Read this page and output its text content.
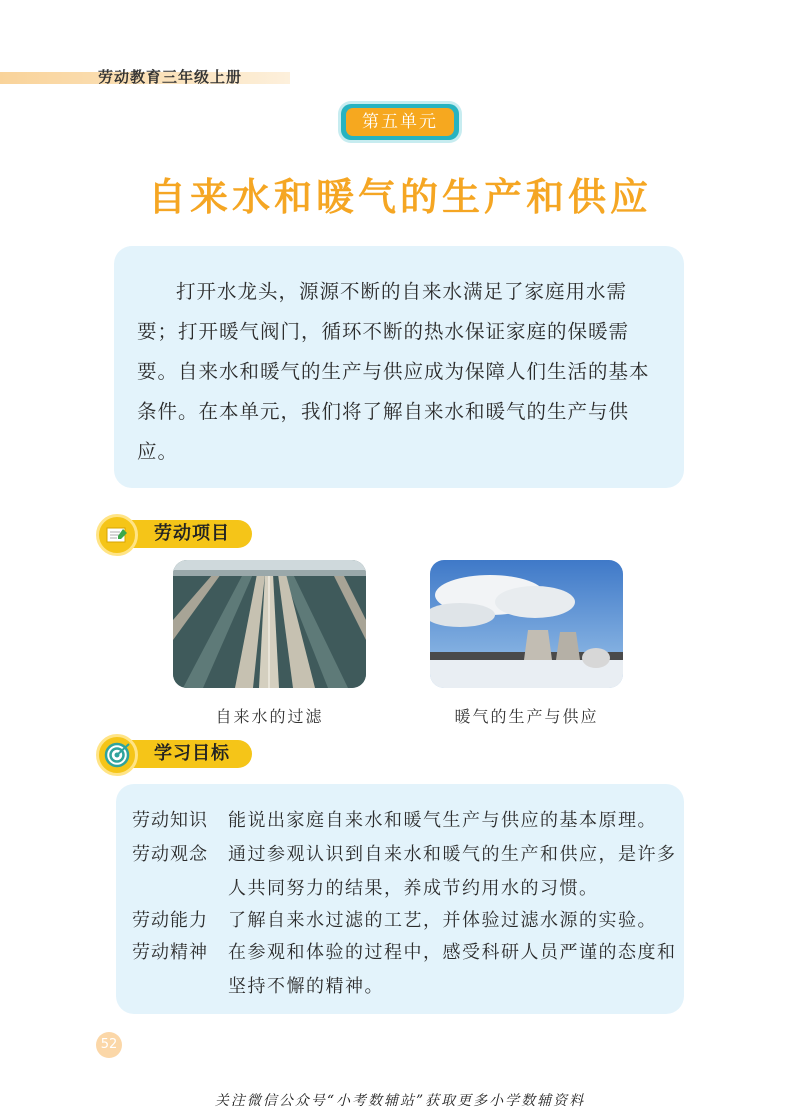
劳动教育三年级上册
第五单元
自来水和暖气的生产和供应
打开水龙头，源源不断的自来水满足了家庭用水需要；打开暖气阀门，循环不断的热水保证家庭的保暖需要。自来水和暖气的生产与供应成为保障人们生活的基本条件。在本单元，我们将了解自来水和暖气的生产与供应。
劳动项目
自来水的过滤	暖气的生产与供应
学习目标
劳动知识	能说出家庭自来水和暖气生产与供应的基本原理。
劳动观念	通过参观认识到自来水和暖气的生产和供应，是许多人共同努力的结果，养成节约用水的习惯。
劳动能力	了解自来水过滤的工艺，并体验过滤水源的实验。
劳动精神	在参观和体验的过程中，感受科研人员严谨的态度和坚持不懈的精神。
52
关注微信公众号“小考数辅站”获取更多小学数辅资料
